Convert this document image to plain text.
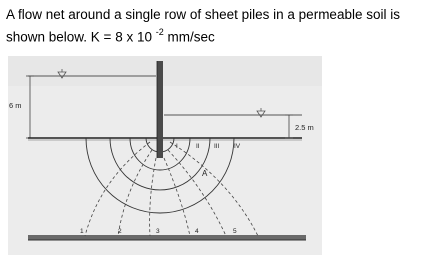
A flow net around a single row of sheet piles in a permeable soil is shown below. K = 8 x 10 $^{-2}$ mm/sec
6 m
2.5 m
I	II III IV
A
1	2	3	4	5
